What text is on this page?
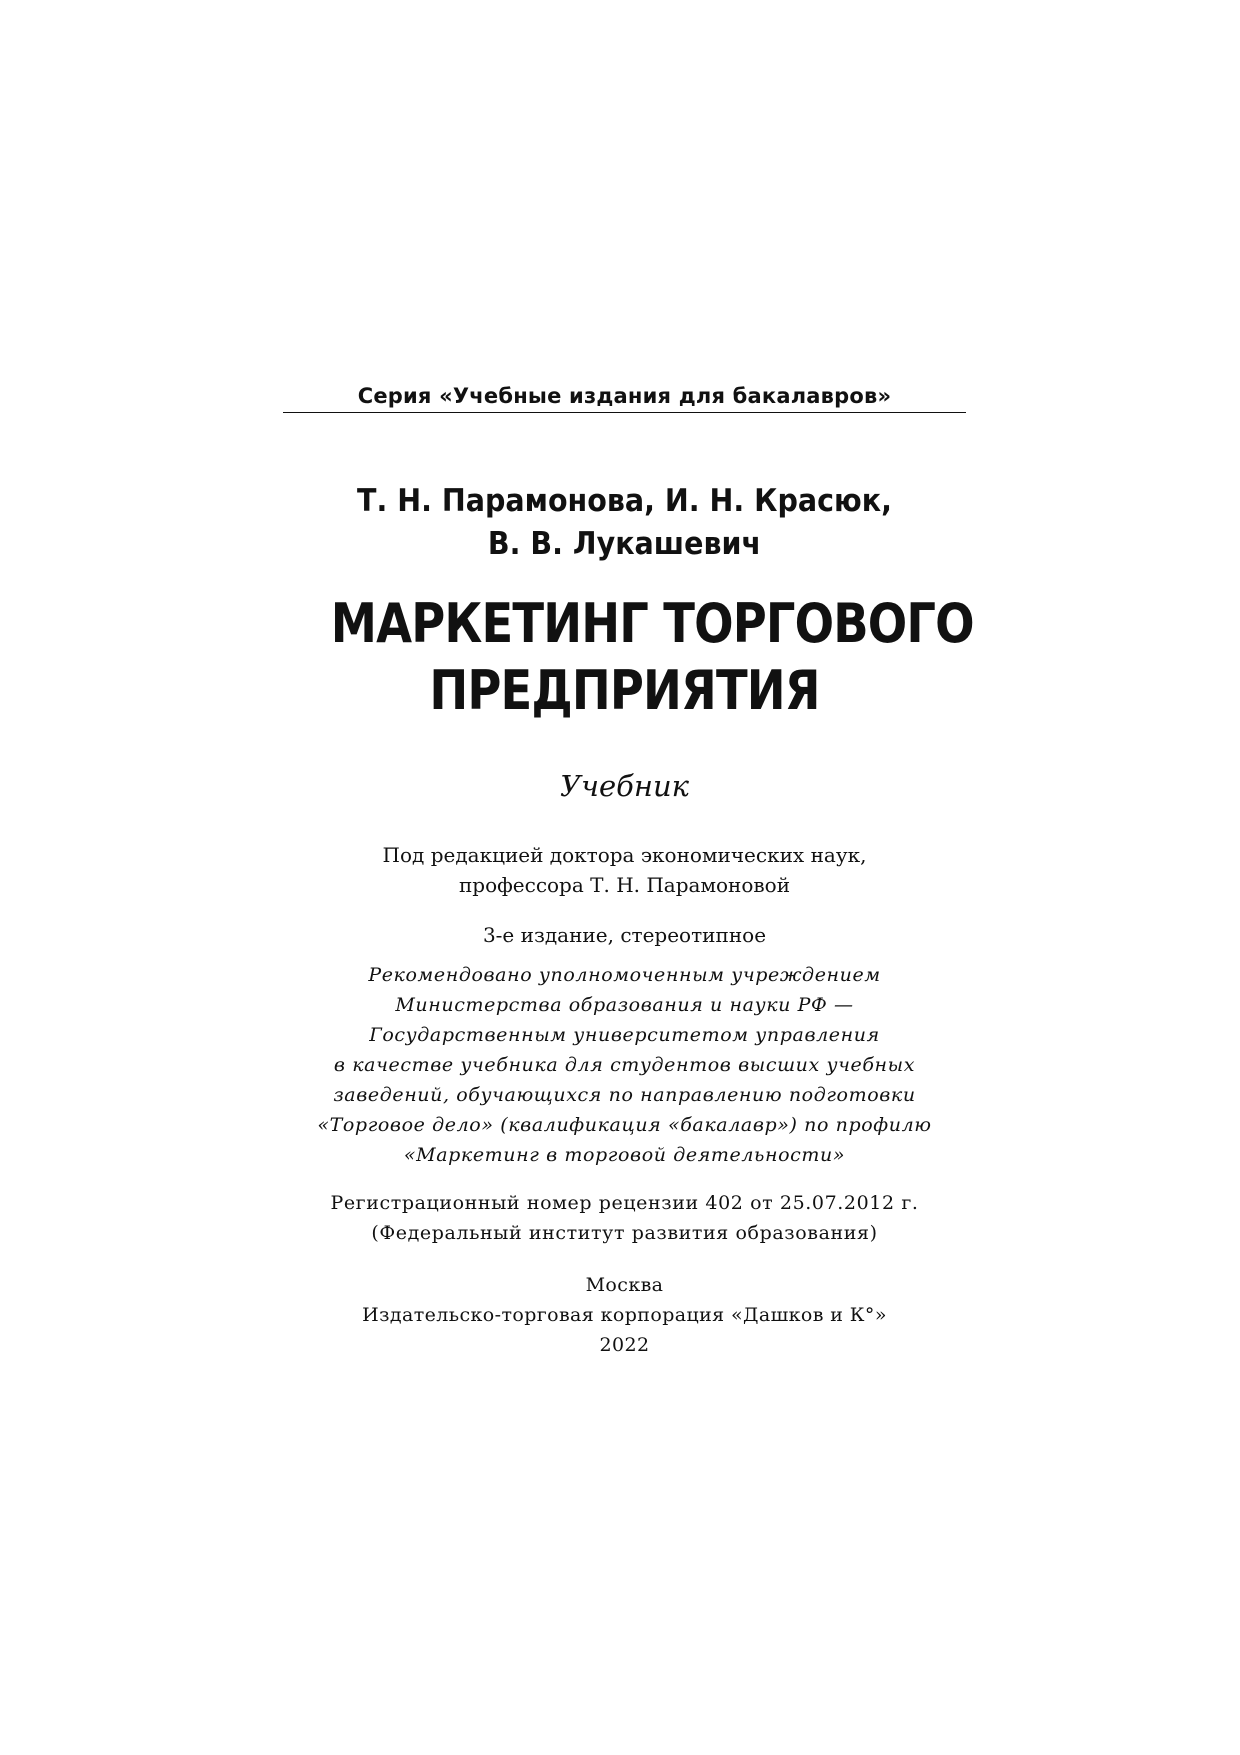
Серия «Учебные издания для бакалавров»
Т. Н. Парамонова, И. Н. Красюк,
В. В. Лукашевич
МАРКЕТИНГ ТОРГОВОГО
ПРЕДПРИЯТИЯ
Учебник
Под редакцией доктора экономических наук,
профессора Т. Н. Парамоновой
3-е издание, стереотипное
Рекомендовано уполномоченным учреждением
Министерства образования и науки РФ —
Государственным университетом управления
в качестве учебника для студентов высших учебных
заведений, обучающихся по направлению подготовки
«Торговое дело» (квалификация «бакалавр») по профилю
«Маркетинг в торговой деятельности»
Регистрационный номер рецензии 402 от 25.07.2012 г.
(Федеральный институт развития образования)
Москва
Издательско-торговая корпорация «Дашков и К°»
2022
